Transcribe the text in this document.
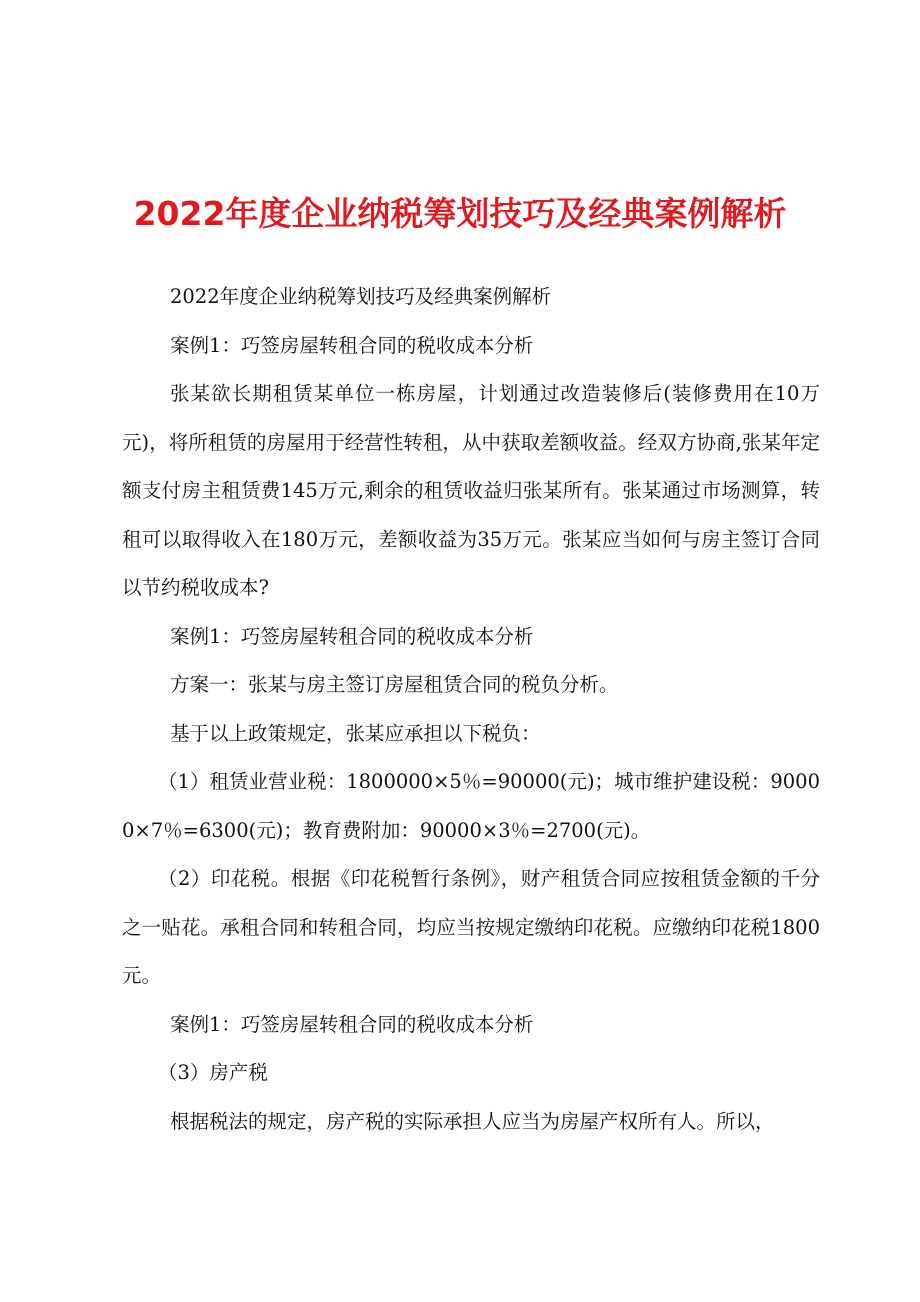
2022年度企业纳税筹划技巧及经典案例解析

2022年度企业纳税筹划技巧及经典案例解析

案例1：巧签房屋转租合同的税收成本分析

张某欲长期租赁某单位一栋房屋，计划通过改造装修后(装修费用在10万元)，将所租赁的房屋用于经营性转租，从中获取差额收益。经双方协商,张某年定额支付房主租赁费145万元,剩余的租赁收益归张某所有。张某通过市场测算，转租可以取得收入在180万元，差额收益为35万元。张某应当如何与房主签订合同以节约税收成本?

案例1：巧签房屋转租合同的税收成本分析

方案一：张某与房主签订房屋租赁合同的税负分析。

基于以上政策规定，张某应承担以下税负：

（1）租赁业营业税：1800000×5％=90000(元)；城市维护建设税：90000×7％=6300(元)；教育费附加：90000×3％=2700(元)。

（2）印花税。根据《印花税暂行条例》，财产租赁合同应按租赁金额的千分之一贴花。承租合同和转租合同，均应当按规定缴纳印花税。应缴纳印花税1800元。

案例1：巧签房屋转租合同的税收成本分析

（3）房产税

根据税法的规定，房产税的实际承担人应当为房屋产权所有人。所以，
